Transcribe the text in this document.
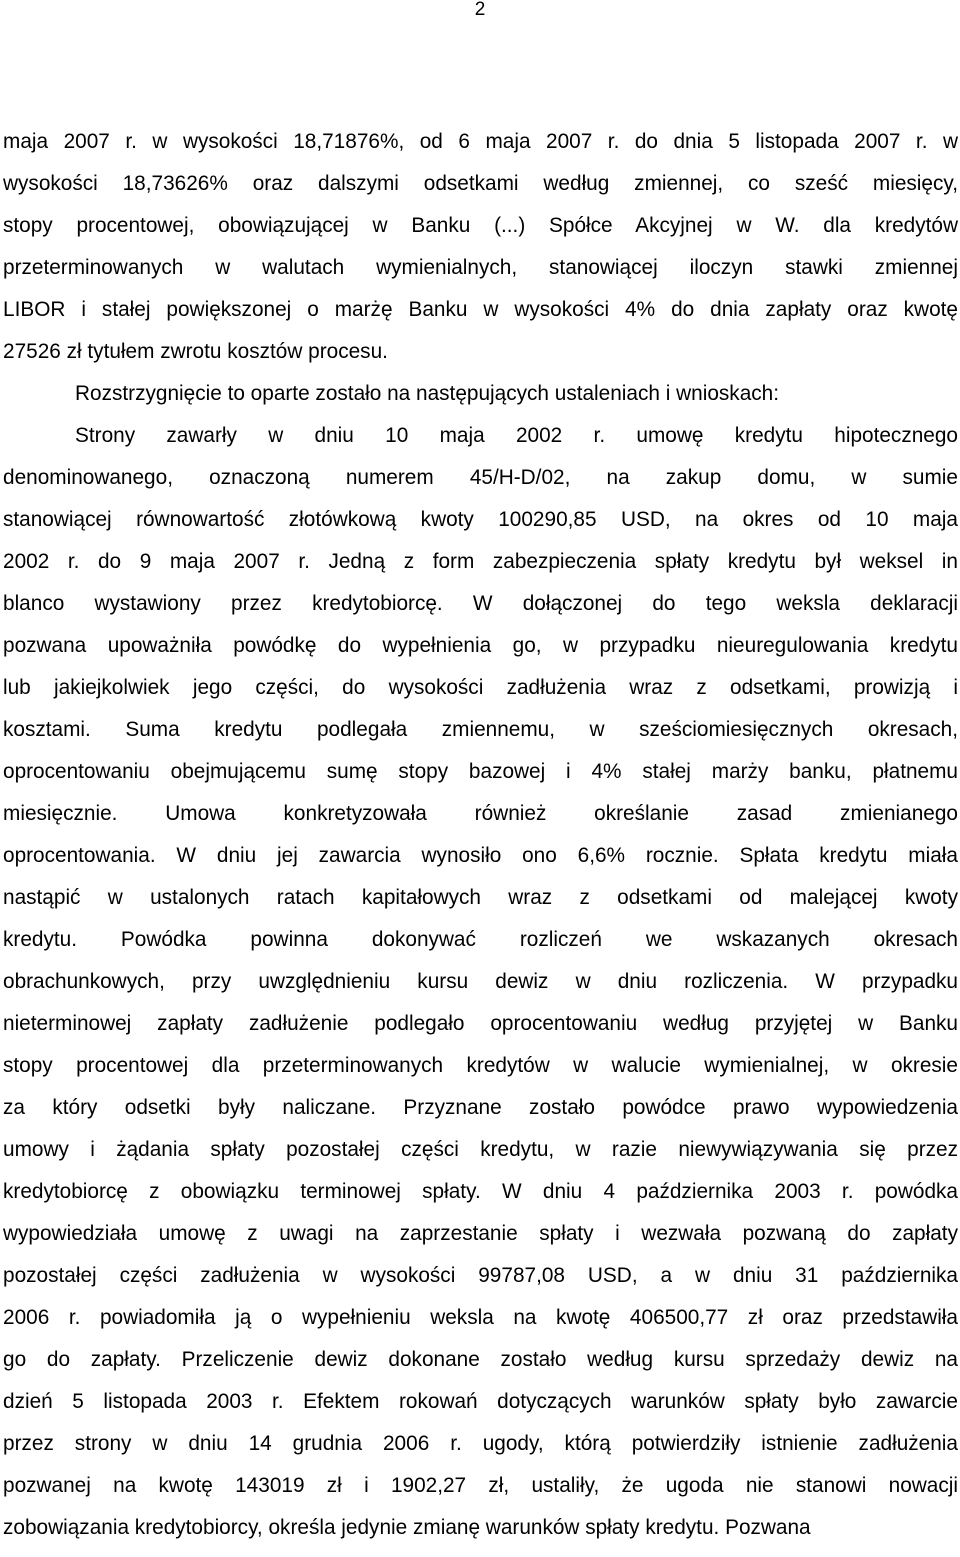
2
maja 2007 r. w wysokości 18,71876%, od 6 maja 2007 r. do dnia 5 listopada 2007 r. w
wysokości 18,73626% oraz dalszymi odsetkami według zmiennej, co sześć miesięcy,
stopy procentowej, obowiązującej w Banku (...) Spółce Akcyjnej w W. dla kredytów
przeterminowanych w walutach wymienialnych, stanowiącej iloczyn stawki zmiennej
LIBOR i stałej powiększonej o marżę Banku w wysokości 4% do dnia zapłaty oraz kwotę
27526 zł tytułem zwrotu kosztów procesu.
Rozstrzygnięcie to oparte zostało na następujących ustaleniach i wnioskach:
Strony zawarły w dniu 10 maja 2002 r. umowę kredytu hipotecznego
denominowanego, oznaczoną numerem 45/H-D/02, na zakup domu, w sumie
stanowiącej równowartość złotówkową kwoty 100290,85 USD, na okres od 10 maja
2002 r. do 9 maja 2007 r. Jedną z form zabezpieczenia spłaty kredytu był weksel in
blanco wystawiony przez kredytobiorcę. W dołączonej do tego weksla deklaracji
pozwana upoważniła powódkę do wypełnienia go, w przypadku nieuregulowania kredytu
lub jakiejkolwiek jego części, do wysokości zadłużenia wraz z odsetkami, prowizją i
kosztami. Suma kredytu podlegała zmiennemu, w sześciomiesięcznych okresach,
oprocentowaniu obejmującemu sumę stopy bazowej i 4% stałej marży banku, płatnemu
miesięcznie. Umowa konkretyzowała również określanie zasad zmienianego
oprocentowania. W dniu jej zawarcia wynosiło ono 6,6% rocznie. Spłata kredytu miała
nastąpić w ustalonych ratach kapitałowych wraz z odsetkami od malejącej kwoty
kredytu. Powódka powinna dokonywać rozliczeń we wskazanych okresach
obrachunkowych, przy uwzględnieniu kursu dewiz w dniu rozliczenia. W przypadku
nieterminowej zapłaty zadłużenie podlegało oprocentowaniu według przyjętej w Banku
stopy procentowej dla przeterminowanych kredytów w walucie wymienialnej, w okresie
za który odsetki były naliczane. Przyznane zostało powódce prawo wypowiedzenia
umowy i żądania spłaty pozostałej części kredytu, w razie niewywiązywania się przez
kredytobiorcę z obowiązku terminowej spłaty. W dniu 4 października 2003 r. powódka
wypowiedziała umowę z uwagi na zaprzestanie spłaty i wezwała pozwaną do zapłaty
pozostałej części zadłużenia w wysokości 99787,08 USD, a w dniu 31 października
2006 r. powiadomiła ją o wypełnieniu weksla na kwotę 406500,77 zł oraz przedstawiła
go do zapłaty. Przeliczenie dewiz dokonane zostało według kursu sprzedaży dewiz na
dzień 5 listopada 2003 r. Efektem rokowań dotyczących warunków spłaty było zawarcie
przez strony w dniu 14 grudnia 2006 r. ugody, którą potwierdziły istnienie zadłużenia
pozwanej na kwotę 143019 zł i 1902,27 zł, ustaliły, że ugoda nie stanowi nowacji
zobowiązania kredytobiorcy, określa jedynie zmianę warunków spłaty kredytu. Pozwana
